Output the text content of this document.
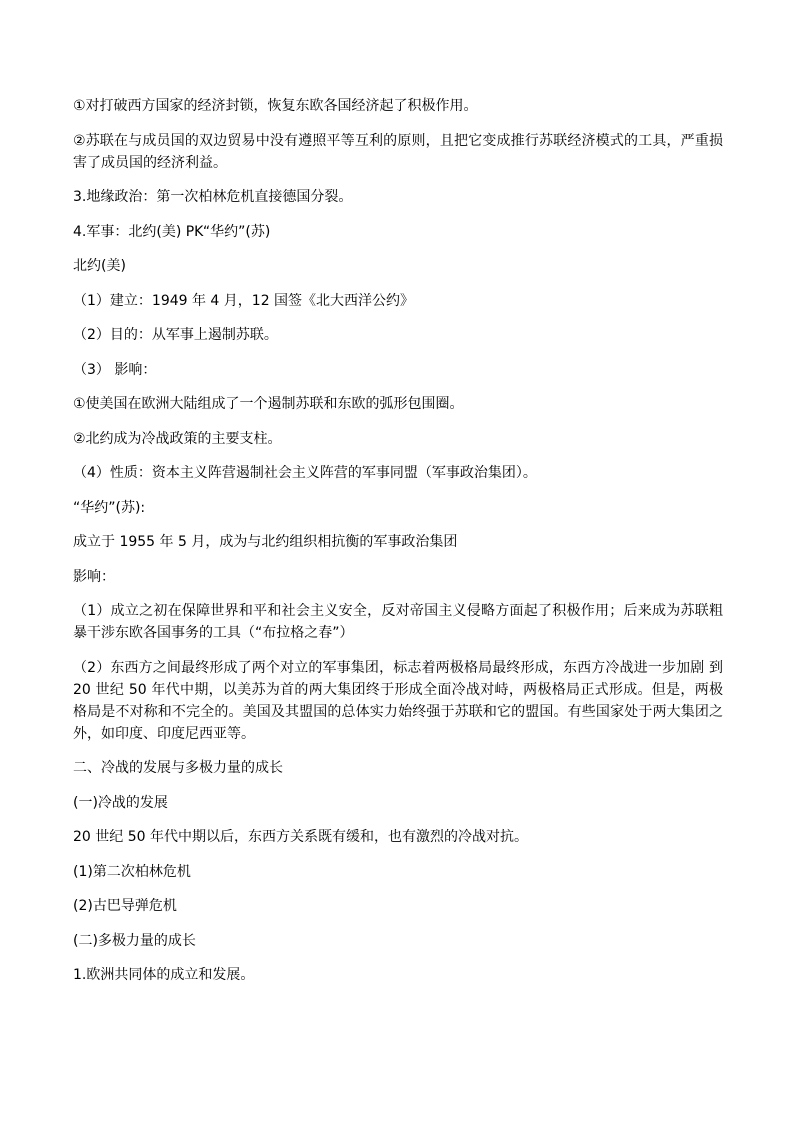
①对打破西方国家的经济封锁，恢复东欧各国经济起了积极作用。

②苏联在与成员国的双边贸易中没有遵照平等互利的原则，且把它变成推行苏联经济模式的工具，严重损害了成员国的经济利益。

3.地缘政治：第一次柏林危机直接德国分裂。

4.军事：北约(美) PK“华约”(苏)

北约(美)

（1）建立：1949 年 4 月，12 国签《北大西洋公约》

（2）目的：从军事上遏制苏联。

（3） 影响：

①使美国在欧洲大陆组成了一个遏制苏联和东欧的弧形包围圈。

②北约成为冷战政策的主要支柱。

（4）性质：资本主义阵营遏制社会主义阵营的军事同盟（军事政治集团）。

“华约”(苏):

成立于 1955 年 5 月，成为与北约组织相抗衡的军事政治集团

影响：

（1）成立之初在保障世界和平和社会主义安全，反对帝国主义侵略方面起了积极作用；后来成为苏联粗暴干涉东欧各国事务的工具（“布拉格之春”）

（2）东西方之间最终形成了两个对立的军事集团，标志着两极格局最终形成，东西方冷战进一步加剧 到 20 世纪 50 年代中期，以美苏为首的两大集团终于形成全面冷战对峙，两极格局正式形成。但是，两极格局是不对称和不完全的。美国及其盟国的总体实力始终强于苏联和它的盟国。有些国家处于两大集团之外，如印度、印度尼西亚等。

二、冷战的发展与多极力量的成长

(一)冷战的发展

20 世纪 50 年代中期以后，东西方关系既有缓和，也有激烈的冷战对抗。

(1)第二次柏林危机

(2)古巴导弹危机

(二)多极力量的成长

1.欧洲共同体的成立和发展。
